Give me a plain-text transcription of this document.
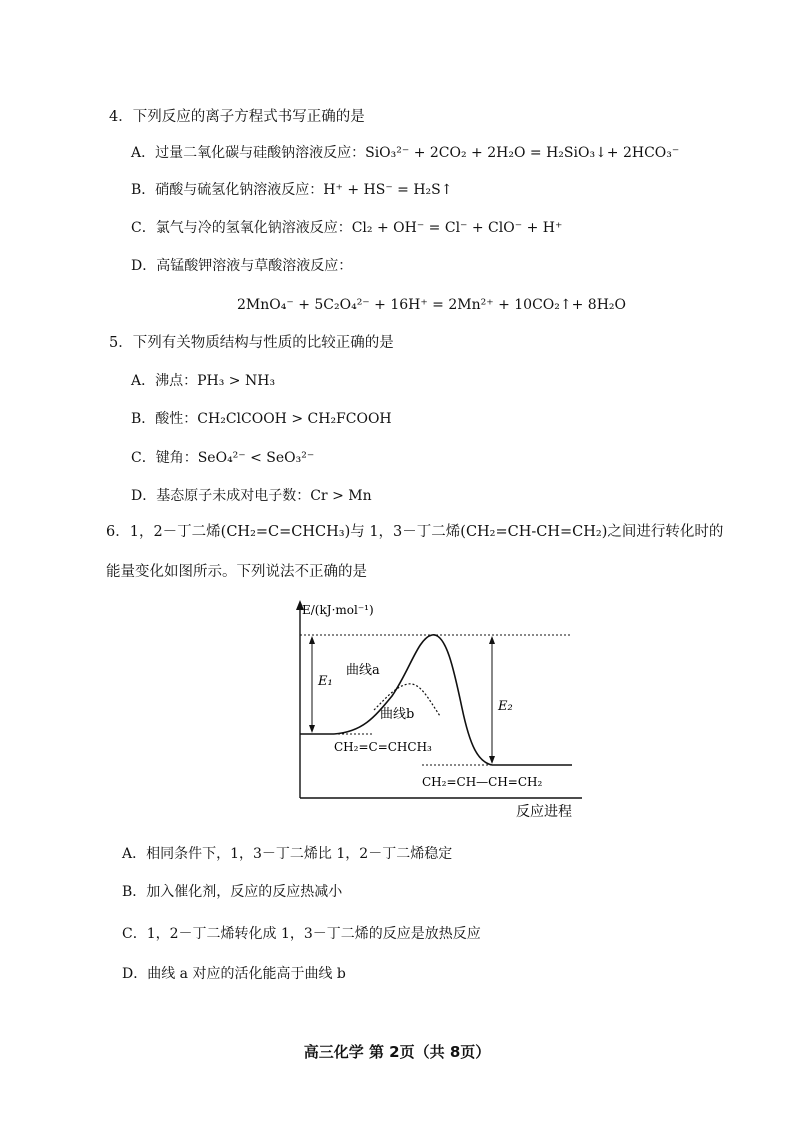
4．下列反应的离子方程式书写正确的是
A．过量二氧化碳与硅酸钠溶液反应：SiO₃²⁻ + 2CO₂ + 2H₂O = H₂SiO₃↓+ 2HCO₃⁻
B．硝酸与硫氢化钠溶液反应：H⁺ + HS⁻ = H₂S↑
C．氯气与冷的氢氧化钠溶液反应：Cl₂ + OH⁻ = Cl⁻ + ClO⁻ + H⁺
D．高锰酸钾溶液与草酸溶液反应：
2MnO₄⁻ + 5C₂O₄²⁻ + 16H⁺ = 2Mn²⁺ + 10CO₂↑+ 8H₂O
5．下列有关物质结构与性质的比较正确的是
A．沸点：PH₃ > NH₃
B．酸性：CH₂ClCOOH > CH₂FCOOH
C．键角：SeO₄²⁻ < SeO₃²⁻
D．基态原子未成对电子数：Cr > Mn
6．1，2－丁二烯(CH₂=C=CHCH₃)与 1，3－丁二烯(CH₂=CH-CH=CH₂)之间进行转化时的
能量变化如图所示。下列说法不正确的是
E/(kJ·mol⁻¹)
E₁
E₂
曲线a
曲线b
CH₂=C=CHCH₃
CH₂=CH—CH=CH₂
反应进程
A．相同条件下，1，3－丁二烯比 1，2－丁二烯稳定
B．加入催化剂，反应的反应热减小
C．1，2－丁二烯转化成 1，3－丁二烯的反应是放热反应
D．曲线 a 对应的活化能高于曲线 b
高三化学 第 2页（共 8页）
